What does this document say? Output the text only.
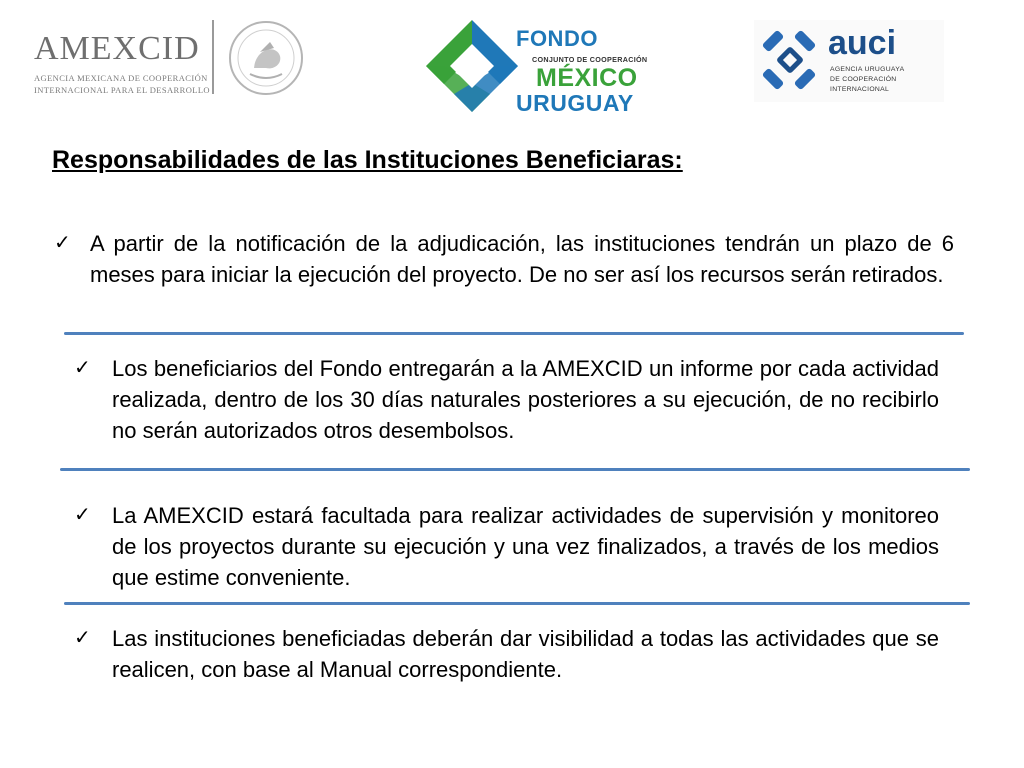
AMEXCID
AGENCIA MEXICANA DE COOPERACIÓN
INTERNACIONAL PARA EL DESARROLLO
FONDO
CONJUNTO DE COOPERACIÓN
MÉXICO
URUGUAY
auci
AGENCIA URUGUAYA
DE COOPERACIÓN
INTERNACIONAL
Responsabilidades de las Instituciones Beneficiaras:
✓ A partir de la notificación de la adjudicación, las instituciones tendrán un plazo de 6 meses para iniciar la ejecución del proyecto. De no ser así los recursos serán retirados.
✓ Los beneficiarios del Fondo entregarán a la AMEXCID un informe por cada actividad realizada, dentro de los 30 días naturales posteriores a su ejecución, de no recibirlo no serán autorizados otros desembolsos.
✓ La AMEXCID estará facultada para realizar actividades de supervisión y monitoreo de los proyectos durante su ejecución y una vez finalizados, a través de los medios que estime conveniente.
✓ Las instituciones beneficiadas deberán dar visibilidad a todas las actividades que se realicen, con base al Manual correspondiente.
